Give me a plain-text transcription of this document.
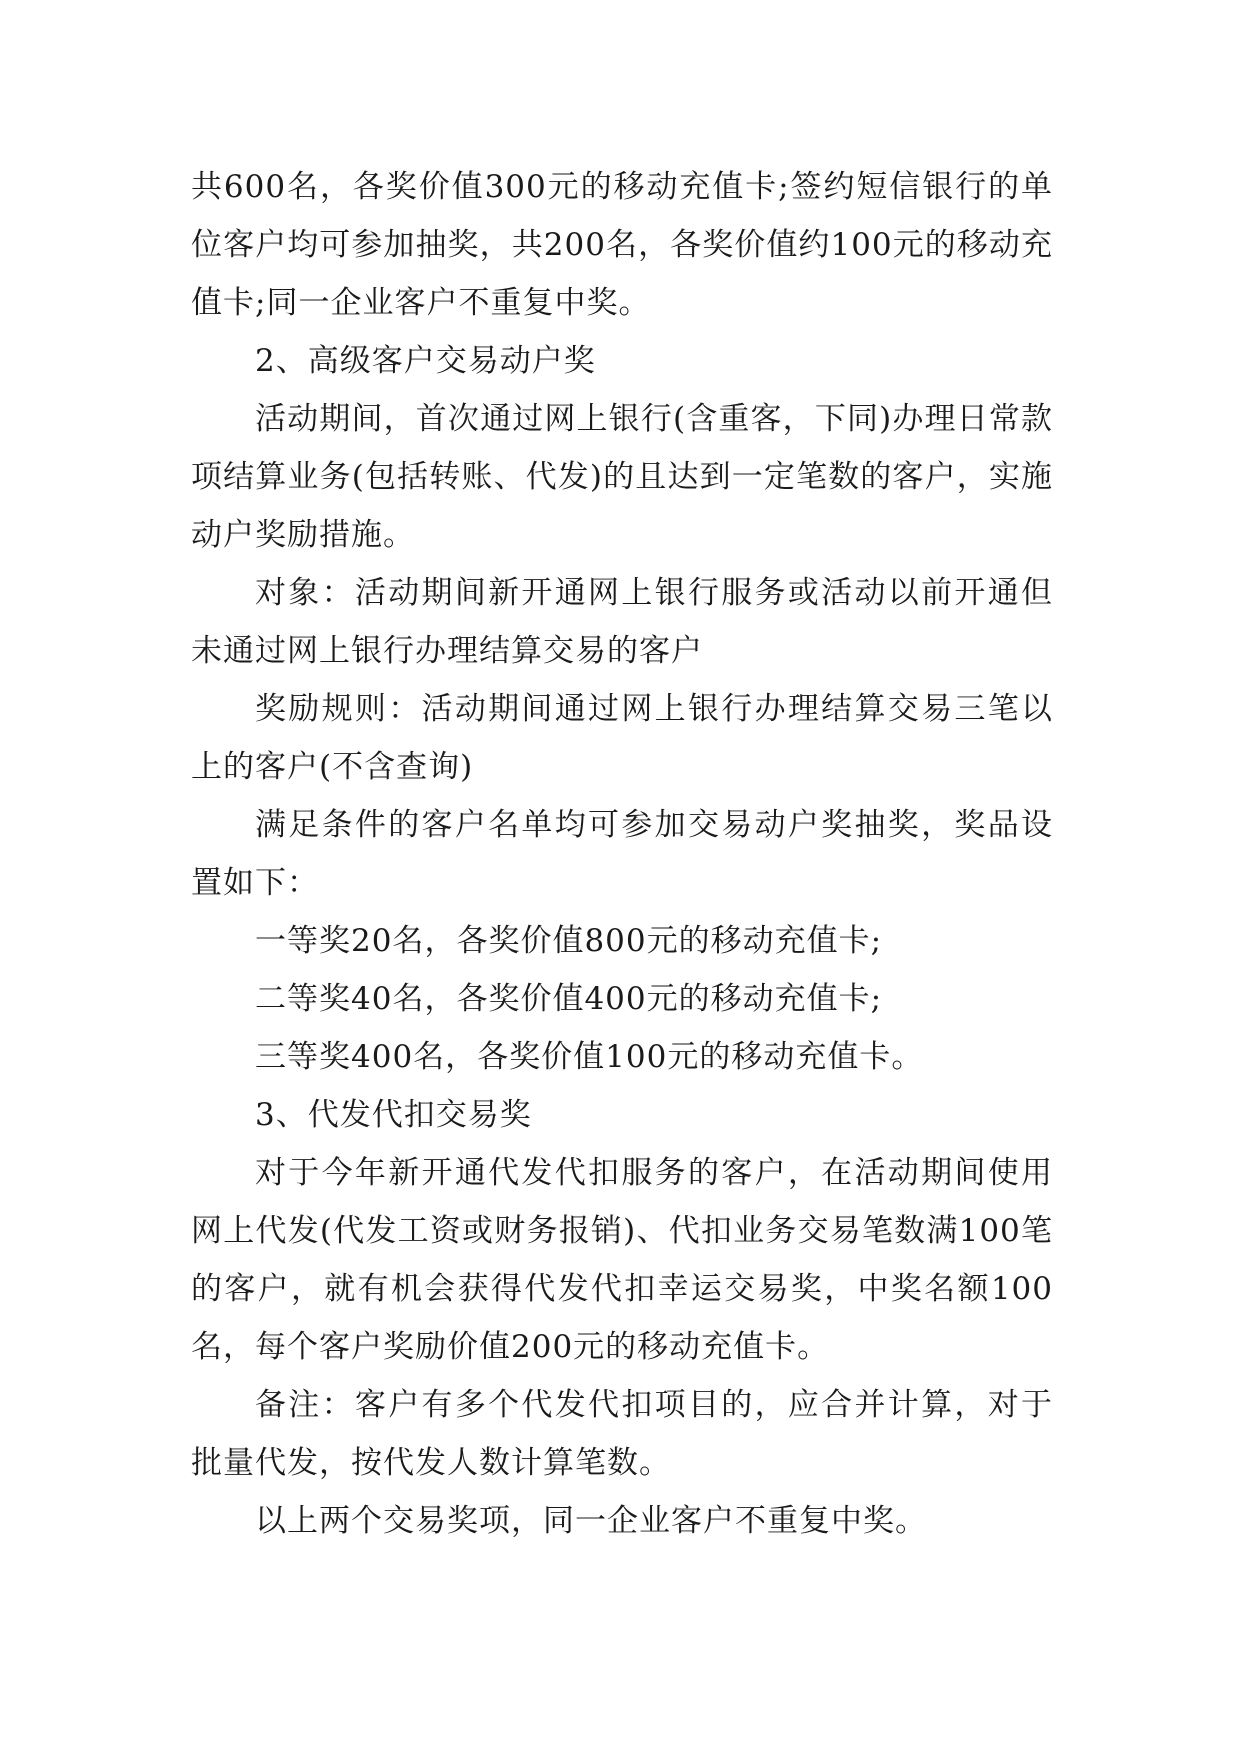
共600名，各奖价值300元的移动充值卡;签约短信银行的单位客户均可参加抽奖，共200名，各奖价值约100元的移动充值卡;同一企业客户不重复中奖。

2、高级客户交易动户奖

活动期间，首次通过网上银行(含重客，下同)办理日常款项结算业务(包括转账、代发)的且达到一定笔数的客户，实施动户奖励措施。

对象：活动期间新开通网上银行服务或活动以前开通但未通过网上银行办理结算交易的客户

奖励规则：活动期间通过网上银行办理结算交易三笔以上的客户(不含查询)

满足条件的客户名单均可参加交易动户奖抽奖，奖品设置如下：

一等奖20名，各奖价值800元的移动充值卡;

二等奖40名，各奖价值400元的移动充值卡;

三等奖400名，各奖价值100元的移动充值卡。

3、代发代扣交易奖

对于今年新开通代发代扣服务的客户，在活动期间使用网上代发(代发工资或财务报销)、代扣业务交易笔数满100笔的客户，就有机会获得代发代扣幸运交易奖，中奖名额100名，每个客户奖励价值200元的移动充值卡。

备注：客户有多个代发代扣项目的，应合并计算，对于批量代发，按代发人数计算笔数。

以上两个交易奖项，同一企业客户不重复中奖。
